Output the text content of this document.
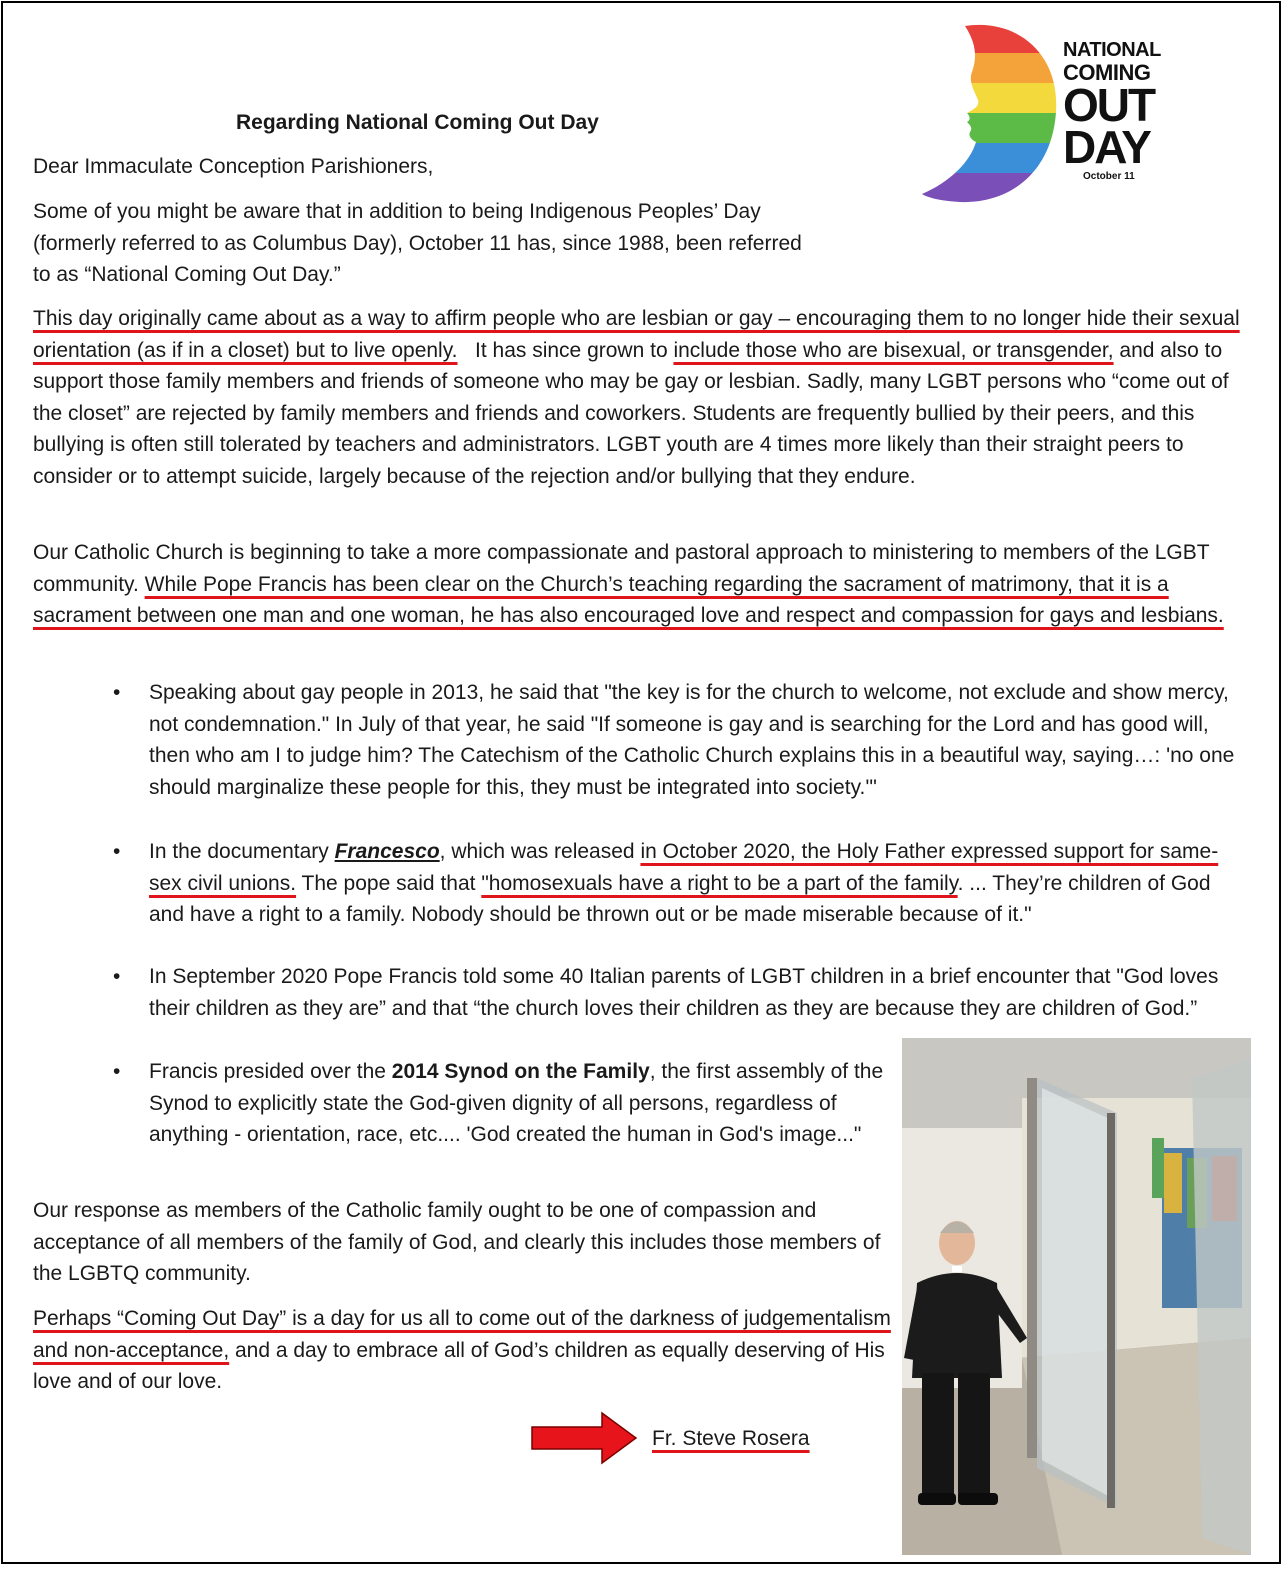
NATIONAL
COMING
OUT
DAY
October 11
Regarding National Coming Out Day
Dear Immaculate Conception Parishioners,

Some of you might be aware that in addition to being Indigenous Peoples’ Day (formerly referred to as Columbus Day), October 11 has, since 1988, been referred to as “National Coming Out Day.”

This day originally came about as a way to affirm people who are lesbian or gay – encouraging them to no longer hide their sexual orientation (as if in a closet) but to live openly.   It has since grown to include those who are bisexual, or transgender, and also to support those family members and friends of someone who may be gay or lesbian. Sadly, many LGBT persons who “come out of the closet” are rejected by family members and friends and coworkers. Students are frequently bullied by their peers, and this bullying is often still tolerated by teachers and administrators. LGBT youth are 4 times more likely than their straight peers to consider or to attempt suicide, largely because of the rejection and/or bullying that they endure.

Our Catholic Church is beginning to take a more compassionate and pastoral approach to ministering to members of the LGBT community. While Pope Francis has been clear on the Church’s teaching regarding the sacrament of matrimony, that it is a sacrament between one man and one woman, he has also encouraged love and respect and compassion for gays and lesbians.

• Speaking about gay people in 2013, he said that "the key is for the church to welcome, not exclude and show mercy, not condemnation." In July of that year, he said "If someone is gay and is searching for the Lord and has good will, then who am I to judge him? The Catechism of the Catholic Church explains this in a beautiful way, saying…: 'no one should marginalize these people for this, they must be integrated into society.'"
• In the documentary Francesco, which was released in October 2020, the Holy Father expressed support for same-sex civil unions. The pope said that "homosexuals have a right to be a part of the family. ... They’re children of God and have a right to a family. Nobody should be thrown out or be made miserable because of it."
• In September 2020 Pope Francis told some 40 Italian parents of LGBT children in a brief encounter that "God loves their children as they are” and that “the church loves their children as they are because they are children of God.”
• Francis presided over the 2014 Synod on the Family, the first assembly of the Synod to explicitly state the God-given dignity of all persons, regardless of anything - orientation, race, etc.... 'God created the human in God's image..."

Our response as members of the Catholic family ought to be one of compassion and acceptance of all members of the family of God, and clearly this includes those members of the LGBTQ community.

Perhaps “Coming Out Day” is a day for us all to come out of the darkness of judgementalism and non-acceptance, and a day to embrace all of God’s children as equally deserving of His love and of our love.

Fr. Steve Rosera
